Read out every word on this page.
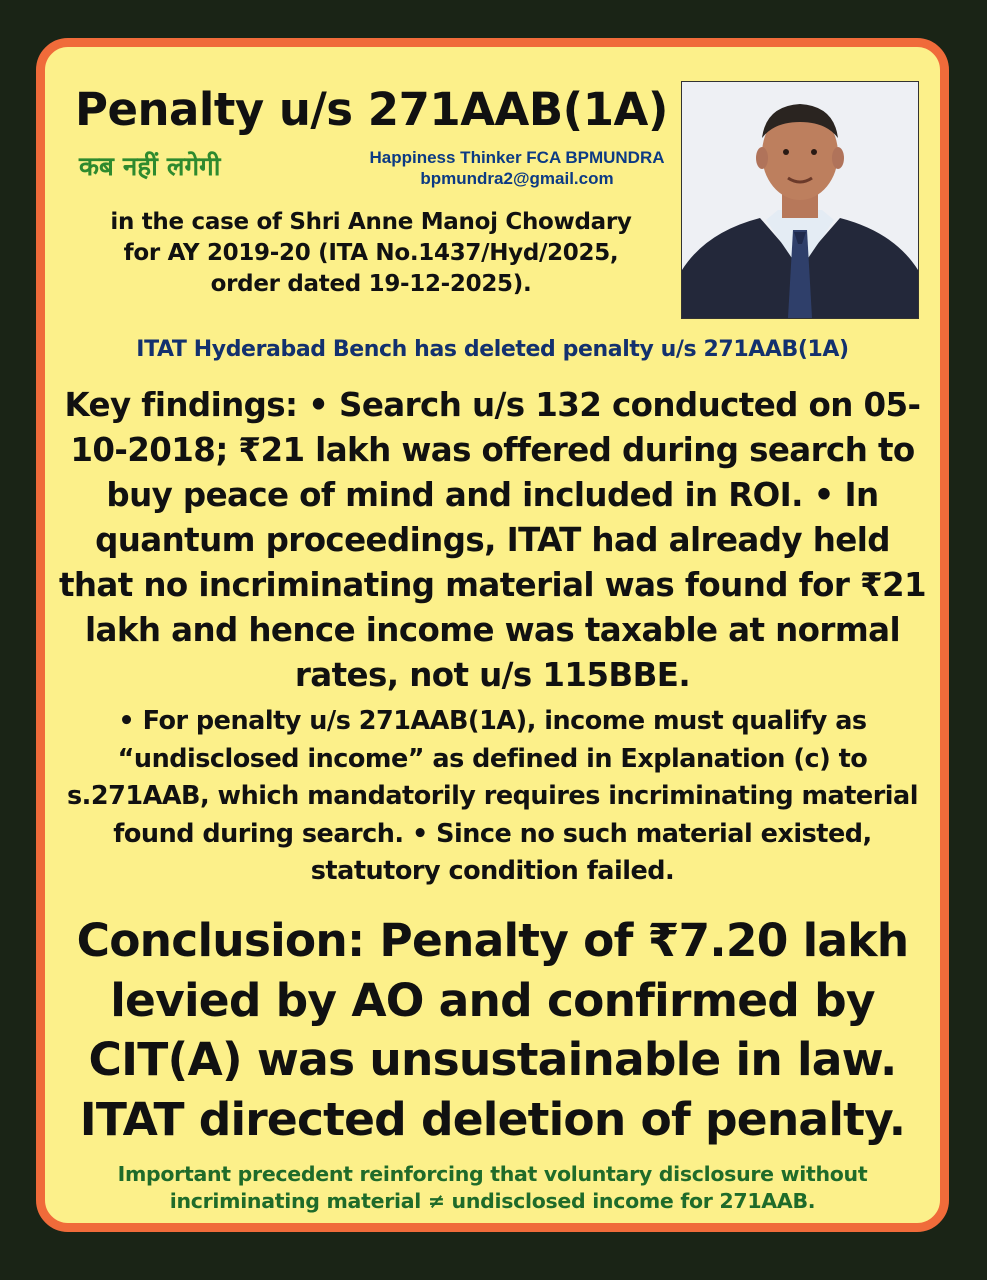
Penalty u/s 271AAB(1A)
कब नहीं लगेगी	Happiness Thinker FCA BPMUNDRA
bpmundra2@gmail.com
in the case of Shri Anne Manoj Chowdary
for AY 2019-20 (ITA No.1437/Hyd/2025,
order dated 19-12-2025).

ITAT Hyderabad Bench has deleted penalty u/s 271AAB(1A)

Key findings: • Search u/s 132 conducted on 05-10-2018; ₹21 lakh was offered during search to buy peace of mind and included in ROI. • In quantum proceedings, ITAT had already held that no incriminating material was found for ₹21 lakh and hence income was taxable at normal rates, not u/s 115BBE.

• For penalty u/s 271AAB(1A), income must qualify as “undisclosed income” as defined in Explanation (c) to s.271AAB, which mandatorily requires incriminating material found during search. • Since no such material existed, statutory condition failed.

Conclusion: Penalty of ₹7.20 lakh levied by AO and confirmed by CIT(A) was unsustainable in law. ITAT directed deletion of penalty.

Important precedent reinforcing that voluntary disclosure without incriminating material ≠ undisclosed income for 271AAB.
